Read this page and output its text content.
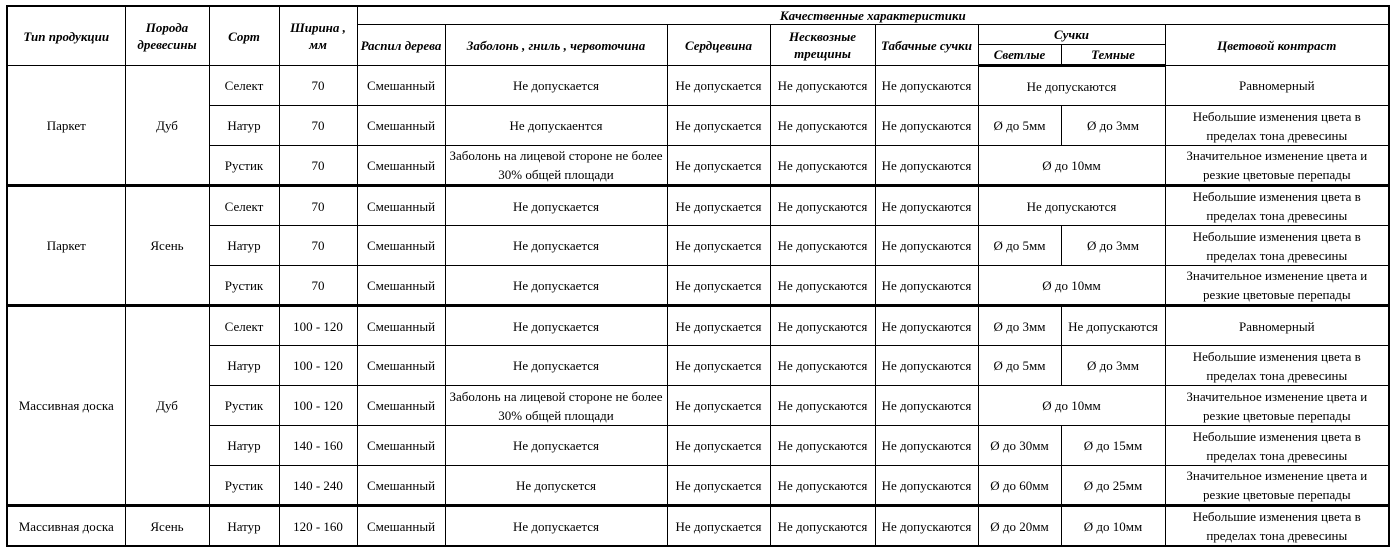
Тип продукции	Порода древесины	Сорт	Ширина , мм	Качественные характеристики							
				Распил дерева	Заболонь , гниль , червоточина	Сердцевина	Несквозные трещины	Табачные сучки	Сучки		Цветовой контраст
									Светлые	Темные	
Паркет	Дуб	Селект	70	Смешанный	Не допускается	Не допускается	Не допускаются	Не допускаются	Не допускаются		Равномерный
		Натур	70	Смешанный	Не допускаентся	Не допускается	Не допускаются	Не допускаются	Ø до 5мм	Ø до 3мм	Небольшие изменения цвета в пределах тона древесины
		Рустик	70	Смешанный	Заболонь на лицевой стороне не более 30% общей площади	Не допускается	Не допускаются	Не допускаются	Ø до 10мм		Значительное изменение цвета и резкие цветовые перепады
Паркет	Ясень	Селект	70	Смешанный	Не допускается	Не допускается	Не допускаются	Не допускаются	Не допускаются		Небольшие изменения цвета в пределах тона древесины
		Натур	70	Смешанный	Не допускается	Не допускается	Не допускаются	Не допускаются	Ø до 5мм	Ø до 3мм	Небольшие изменения цвета в пределах тона древесины
		Рустик	70	Смешанный	Не допускается	Не допускается	Не допускаются	Не допускаются	Ø до 10мм		Значительное изменение цвета и резкие цветовые перепады
Массивная доска	Дуб	Селект	100 - 120	Смешанный	Не допускается	Не допускается	Не допускаются	Не допускаются	Ø до 3мм	Не допускаются	Равномерный
		Натур	100 - 120	Смешанный	Не допускается	Не допускается	Не допускаются	Не допускаются	Ø до 5мм	Ø до 3мм	Небольшие изменения цвета в пределах тона древесины
		Рустик	100 - 120	Смешанный	Заболонь на лицевой стороне не более 30% общей площади	Не допускается	Не допускаются	Не допускаются	Ø до 10мм		Значительное изменение цвета и резкие цветовые перепады
		Натур	140 - 160	Смешанный	Не допускается	Не допускается	Не допускаются	Не допускаются	Ø до 30мм	Ø до 15мм	Небольшие изменения цвета в пределах тона древесины
		Рустик	140 - 240	Смешанный	Не допускется	Не допускается	Не допускаются	Не допускаются	Ø до 60мм	Ø до 25мм	Значительное изменение цвета и резкие цветовые перепады
Массивная доска	Ясень	Натур	120 - 160	Смешанный	Не допускается	Не допускается	Не допускаются	Не допускаются	Ø до 20мм	Ø до 10мм	Небольшие изменения цвета в пределах тона древесины
